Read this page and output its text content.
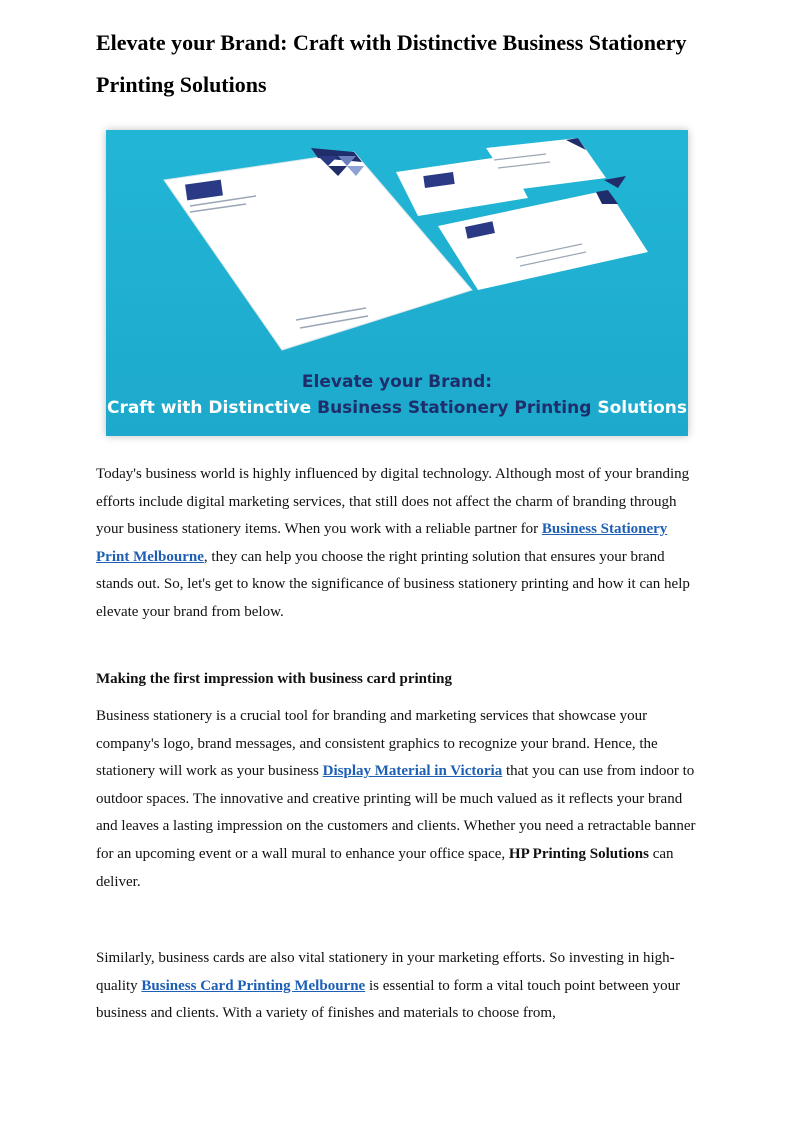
Elevate your Brand: Craft with Distinctive Business Stationery Printing Solutions
Elevate your Brand:
Craft with Distinctive Business Stationery Printing Solutions

Today's business world is highly influenced by digital technology. Although most of your branding efforts include digital marketing services, that still does not affect the charm of branding through your business stationery items. When you work with a reliable partner for Business Stationery Print Melbourne, they can help you choose the right printing solution that ensures your brand stands out. So, let's get to know the significance of business stationery printing and how it can help elevate your brand from below.

Making the first impression with business card printing

Business stationery is a crucial tool for branding and marketing services that showcase your company's logo, brand messages, and consistent graphics to recognize your brand. Hence, the stationery will work as your business Display Material in Victoria that you can use from indoor to outdoor spaces. The innovative and creative printing will be much valued as it reflects your brand and leaves a lasting impression on the customers and clients. Whether you need a retractable banner for an upcoming event or a wall mural to enhance your office space, HP Printing Solutions can deliver.

Similarly, business cards are also vital stationery in your marketing efforts. So investing in high-quality Business Card Printing Melbourne is essential to form a vital touch point between your business and clients. With a variety of finishes and materials to choose from,
